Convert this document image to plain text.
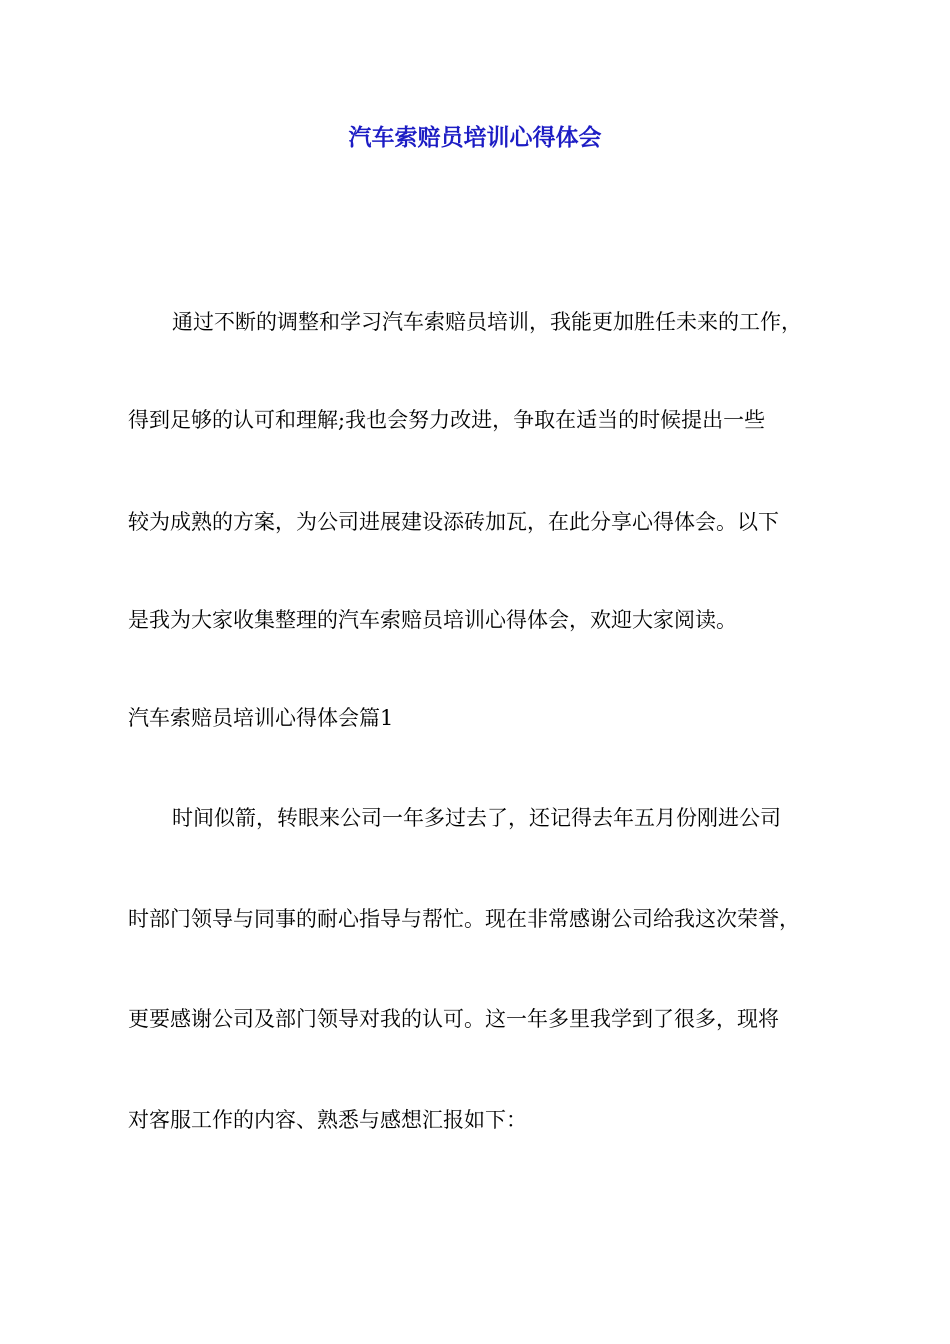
汽车索赔员培训心得体会
通过不断的调整和学习汽车索赔员培训，我能更加胜任未来的工作，
得到足够的认可和理解;我也会努力改进，争取在适当的时候提出一些
较为成熟的方案，为公司进展建设添砖加瓦，在此分享心得体会。以下
是我为大家收集整理的汽车索赔员培训心得体会，欢迎大家阅读。
汽车索赔员培训心得体会篇1
时间似箭，转眼来公司一年多过去了，还记得去年五月份刚进公司
时部门领导与同事的耐心指导与帮忙。现在非常感谢公司给我这次荣誉，
更要感谢公司及部门领导对我的认可。这一年多里我学到了很多，现将
对客服工作的内容、熟悉与感想汇报如下：
